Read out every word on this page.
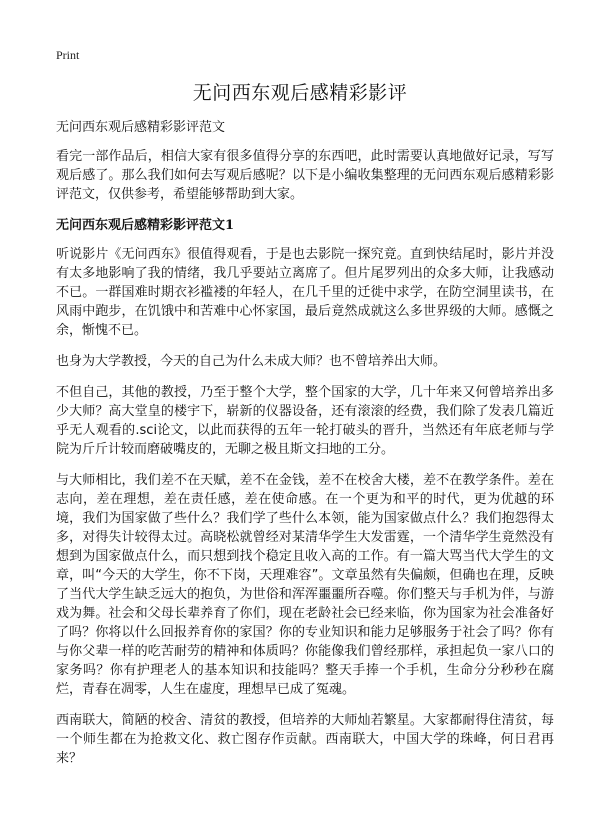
Print
无问西东观后感精彩影评

无问西东观后感精彩影评范文

看完一部作品后，相信大家有很多值得分享的东西吧，此时需要认真地做好记录，写写观后感了。那么我们如何去写观后感呢？以下是小编收集整理的无问西东观后感精彩影评范文，仅供参考，希望能够帮助到大家。

无问西东观后感精彩影评范文1

听说影片《无问西东》很值得观看，于是也去影院一探究竟。直到快结尾时，影片并没有太多地影响了我的情绪，我几乎要站立离席了。但片尾罗列出的众多大师，让我感动不已。一群国难时期衣衫褴褛的年轻人，在几千里的迁徙中求学，在防空洞里读书，在风雨中跑步，在饥饿中和苦难中心怀家国，最后竟然成就这么多世界级的大师。感慨之余，惭愧不已。

也身为大学教授，今天的自己为什么未成大师？也不曾培养出大师。

不但自己，其他的教授，乃至于整个大学，整个国家的大学，几十年来又何曾培养出多少大师？高大堂皇的楼宇下，崭新的仪器设备，还有滚滚的经费，我们除了发表几篇近乎无人观看的.sci论文，以此而获得的五年一轮打破头的晋升，当然还有年底老师与学院为斤斤计较而磨破嘴皮的，无聊之极且斯文扫地的工分。

与大师相比，我们差不在天赋，差不在金钱，差不在校舍大楼，差不在教学条件。差在志向，差在理想，差在责任感，差在使命感。在一个更为和平的时代，更为优越的环境，我们为国家做了些什么？我们学了些什么本领，能为国家做点什么？我们抱怨得太多，对得失计较得太过。高晓松就曾经对某清华学生大发雷霆，一个清华学生竟然没有想到为国家做点什么，而只想到找个稳定且收入高的工作。有一篇大骂当代大学生的文章，叫“今天的大学生，你不下岗，天理难容”。文章虽然有失偏颇，但确也在理，反映了当代大学生缺乏远大的抱负，为世俗和浑浑噩噩所吞噬。你们整天与手机为伴，与游戏为舞。社会和父母长辈养育了你们，现在老龄社会已经来临，你为国家为社会准备好了吗？你将以什么回报养育你的家国？你的专业知识和能力足够服务于社会了吗？你有与你父辈一样的吃苦耐劳的精神和体质吗？你能像我们曾经那样，承担起负一家八口的家务吗？你有护理老人的基本知识和技能吗？整天手捧一个手机，生命分分秒秒在腐烂，青春在凋零，人生在虚度，理想早已成了冤魂。

西南联大，简陋的校舍、清贫的教授，但培养的大师灿若繁星。大家都耐得住清贫，每一个师生都在为抢救文化、救亡图存作贡献。西南联大，中国大学的珠峰，何日君再来？
